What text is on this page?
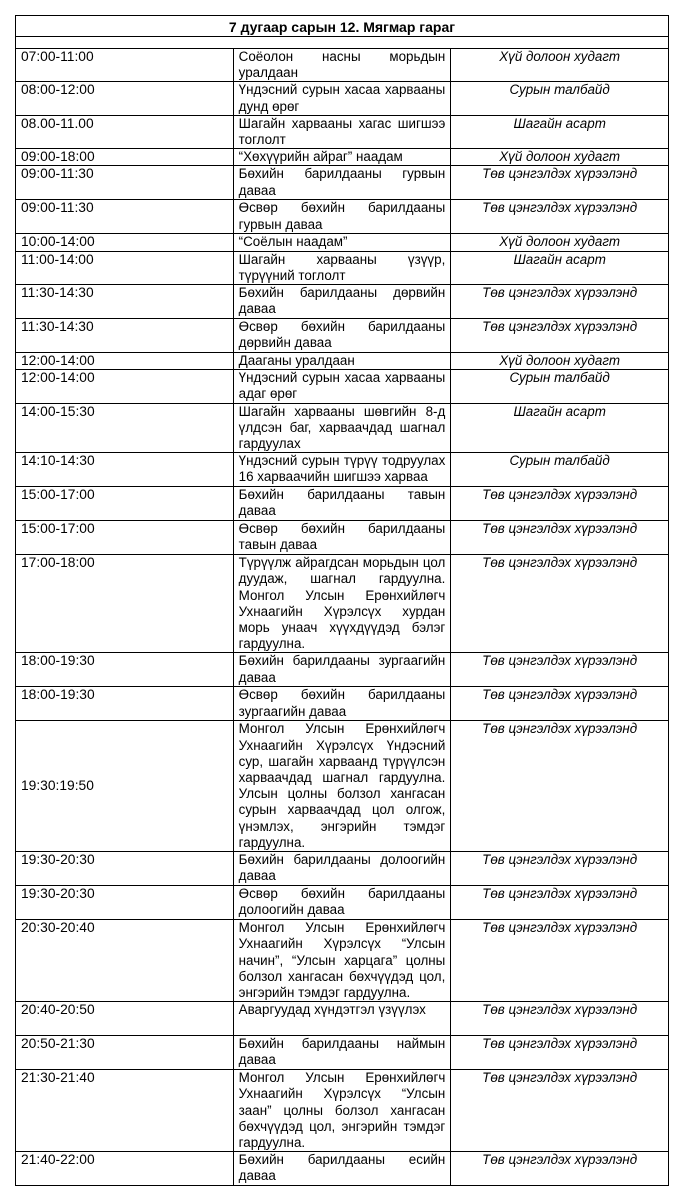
7 дугаар сарын 12. Мягмар гараг		

07:00-11:00	Соёолон насны морьдын уралдаан	Хүй долоон худагт
08:00-12:00	Үндэсний сурын хасаа харвааны дунд өрөг	Сурын талбайд
08.00-11.00	Шагайн харвааны хагас шигшээ тоглолт	Шагайн асарт
09:00-18:00	“Хөхүүрийн айраг” наадам	Хүй долоон худагт
09:00-11:30	Бөхийн барилдааны гурвын даваа	Төв цэнгэлдэх хүрээлэнд
09:00-11:30	Өсвөр бөхийн барилдааны гурвын даваа	Төв цэнгэлдэх хүрээлэнд
10:00-14:00	“Соёлын наадам”	Хүй долоон худагт
11:00-14:00	Шагайн харвааны үзүүр, түрүүний тоглолт	Шагайн асарт
11:30-14:30	Бөхийн барилдааны дөрвийн даваа	Төв цэнгэлдэх хүрээлэнд
11:30-14:30	Өсвөр бөхийн барилдааны дөрвийн даваа	Төв цэнгэлдэх хүрээлэнд
12:00-14:00	Дааганы уралдаан	Хүй долоон худагт
12:00-14:00	Үндэсний сурын хасаа харвааны адаг өрөг	Сурын талбайд
14:00-15:30	Шагайн харвааны шөвгийн 8-д үлдсэн баг, харваачдад шагнал гардуулах	Шагайн асарт
14:10-14:30	Үндэсний сурын түрүү тодруулах 16 харваачийн шигшээ харваа	Сурын талбайд
15:00-17:00	Бөхийн барилдааны тавын даваа	Төв цэнгэлдэх хүрээлэнд
15:00-17:00	Өсвөр бөхийн барилдааны тавын даваа	Төв цэнгэлдэх хүрээлэнд
17:00-18:00	Түрүүлж айрагдсан морьдын цол дуудаж, шагнал гардуулна. Монгол Улсын Ерөнхийлөгч Ухнаагийн Хүрэлсүх хурдан морь унаач хүүхдүүдэд бэлэг гардуулна.	Төв цэнгэлдэх хүрээлэнд
18:00-19:30	Бөхийн барилдааны зургаагийн даваа	Төв цэнгэлдэх хүрээлэнд
18:00-19:30	Өсвөр бөхийн барилдааны зургаагийн даваа	Төв цэнгэлдэх хүрээлэнд
19:30:19:50	Монгол Улсын Ерөнхийлөгч Ухнаагийн Хүрэлсүх Үндэсний сур, шагайн харваанд түрүүлсэн харваачдад шагнал гардуулна. Улсын цолны болзол хангасан сурын харваачдад цол олгож, үнэмлэх, энгэрийн тэмдэг гардуулна.	Төв цэнгэлдэх хүрээлэнд
19:30-20:30	Бөхийн барилдааны долоогийн даваа	Төв цэнгэлдэх хүрээлэнд
19:30-20:30	Өсвөр бөхийн барилдааны долоогийн даваа	Төв цэнгэлдэх хүрээлэнд
20:30-20:40	Монгол Улсын Ерөнхийлөгч Ухнаагийн Хүрэлсүх “Улсын начин”, “Улсын харцага” цолны болзол хангасан бөхчүүдэд цол, энгэрийн тэмдэг гардуулна.	Төв цэнгэлдэх хүрээлэнд
20:40-20:50	Аваргуудад хүндэтгэл үзүүлэх	Төв цэнгэлдэх хүрээлэнд
20:50-21:30	Бөхийн барилдааны наймын даваа	Төв цэнгэлдэх хүрээлэнд
21:30-21:40	Монгол Улсын Ерөнхийлөгч Ухнаагийн Хүрэлсүх “Улсын заан” цолны болзол хангасан бөхчүүдэд цол, энгэрийн тэмдэг гардуулна.	Төв цэнгэлдэх хүрээлэнд
21:40-22:00	Бөхийн барилдааны есийн даваа	Төв цэнгэлдэх хүрээлэнд
